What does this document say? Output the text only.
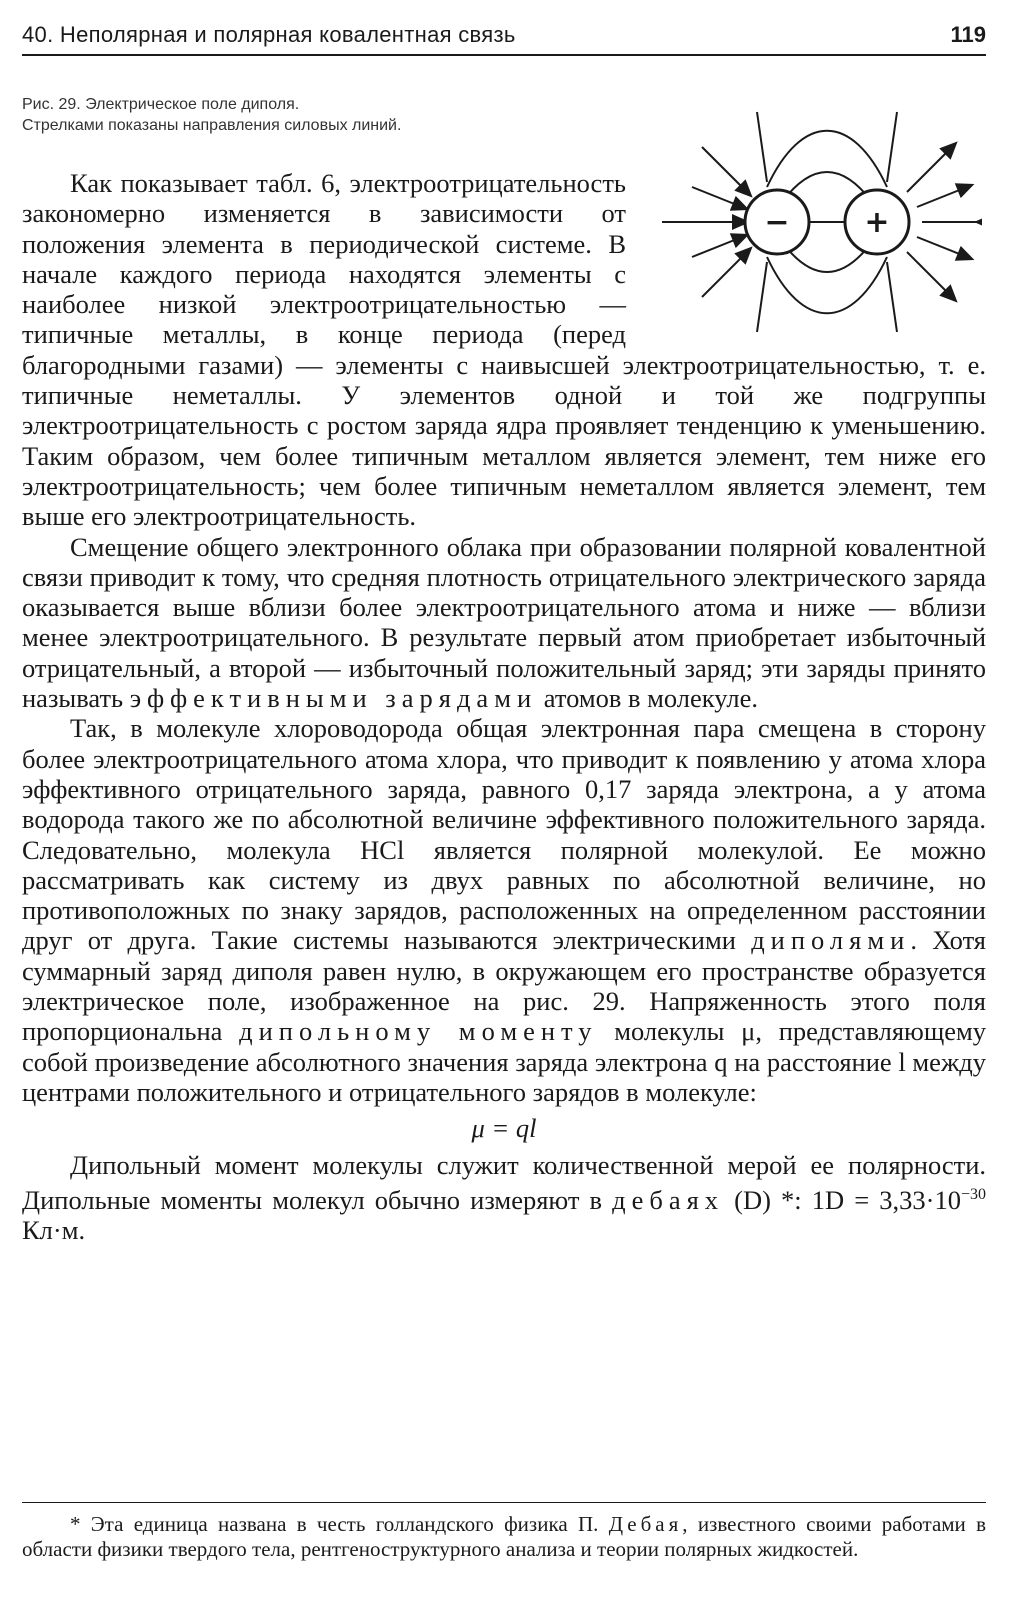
40. Неполярная и полярная ковалентная связь	119
Рис. 29. Электрическое поле диполя.
Стрелками показаны направления силовых линий.
− +

Как показывает табл. 6, электроотрицательность закономерно изменяется в зависимости от положения элемента в периодической системе. В начале каждого периода находятся элементы с наиболее низкой электроотрицательностью — типичные металлы, в конце периода (перед благородными газами) — элементы с наивысшей электроотрицательностью, т. е. типичные неметаллы. У элементов одной и той же подгруппы электроотрицательность с ростом заряда ядра проявляет тенденцию к уменьшению. Таким образом, чем более типичным металлом является элемент, тем ниже его электроотрицательность; чем более типичным неметаллом является элемент, тем выше его электроотрицательность.

Смещение общего электронного облака при образовании полярной ковалентной связи приводит к тому, что средняя плотность отрицательного электрического заряда оказывается выше вблизи более электроотрицательного атома и ниже — вблизи менее электроотрицательного. В результате первый атом приобретает избыточный отрицательный, а второй — избыточный положительный заряд; эти заряды принято называть эффективными зарядами атомов в молекуле.

Так, в молекуле хлороводорода общая электронная пара смещена в сторону более электроотрицательного атома хлора, что приводит к появлению у атома хлора эффективного отрицательного заряда, равного 0,17 заряда электрона, а у атома водорода такого же по абсолютной величине эффективного положительного заряда. Следовательно, молекула HCl является полярной молекулой. Ее можно рассматривать как систему из двух равных по абсолютной величине, но противоположных по знаку зарядов, расположенных на определенном расстоянии друг от друга. Такие системы называются электрическими диполями. Хотя суммарный заряд диполя равен нулю, в окружающем его пространстве образуется электрическое поле, изображенное на рис. 29. Напряженность этого поля пропорциональна дипольному моменту молекулы μ, представляющему собой произведение абсолютного значения заряда электрона q на расстояние l между центрами положительного и отрицательного зарядов в молекуле:

μ = ql

Дипольный момент молекулы служит количественной мерой ее полярности. Дипольные моменты молекул обычно измеряют в дебаях (D) *: $1D = 3,33\cdot 10^{-30}$ Кл·м.

* Эта единица названа в честь голландского физика П. Дебая, известного своими работами в области физики твердого тела, рентгеноструктурного анализа и теории полярных жидкостей.
